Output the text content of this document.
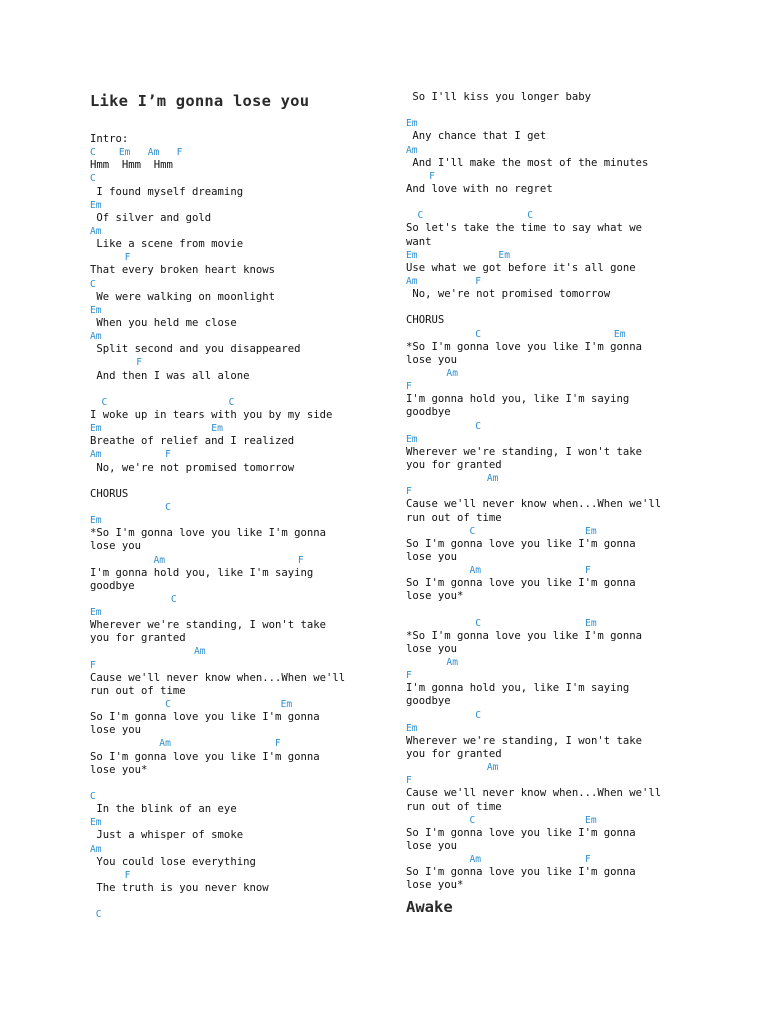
Like I’m gonna lose you
Intro:
C    Em   Am   F
Hmm  Hmm  Hmm
C
I found myself dreaming
Em
Of silver and gold
Am
Like a scene from movie
F
That every broken heart knows
C
We were walking on moonlight
Em
When you held me close
Am
Split second and you disappeared
F
And then I was all alone
C                     C
I woke up in tears with you by my side
Em                   Em
Breathe of relief and I realized
Am           F
No, we're not promised tomorrow
CHORUS
C
Em
*So I'm gonna love you like I'm gonna
lose you
Am                       F
I'm gonna hold you, like I'm saying
goodbye
C
Em
Wherever we're standing, I won't take
you for granted
Am
F
Cause we'll never know when...When we'll
run out of time
C                   Em
So I'm gonna love you like I'm gonna
lose you
Am                  F
So I'm gonna love you like I'm gonna
lose you*
C
In the blink of an eye
Em
Just a whisper of smoke
Am
You could lose everything
F
The truth is you never know
C
So I'll kiss you longer baby
Em
Any chance that I get
Am
And I'll make the most of the minutes
F
And love with no regret
C                  C
So let's take the time to say what we
want
Em              Em
Use what we got before it's all gone
Am          F
No, we're not promised tomorrow
CHORUS
C                       Em
*So I'm gonna love you like I'm gonna
lose you
Am
F
I'm gonna hold you, like I'm saying
goodbye
C
Em
Wherever we're standing, I won't take
you for granted
Am
F
Cause we'll never know when...When we'll
run out of time
C                   Em
So I'm gonna love you like I'm gonna
lose you
Am                  F
So I'm gonna love you like I'm gonna
lose you*
C                  Em
*So I'm gonna love you like I'm gonna
lose you
Am
F
I'm gonna hold you, like I'm saying
goodbye
C
Em
Wherever we're standing, I won't take
you for granted
Am
F
Cause we'll never know when...When we'll
run out of time
C                   Em
So I'm gonna love you like I'm gonna
lose you
Am                  F
So I'm gonna love you like I'm gonna
lose you*
Awake
